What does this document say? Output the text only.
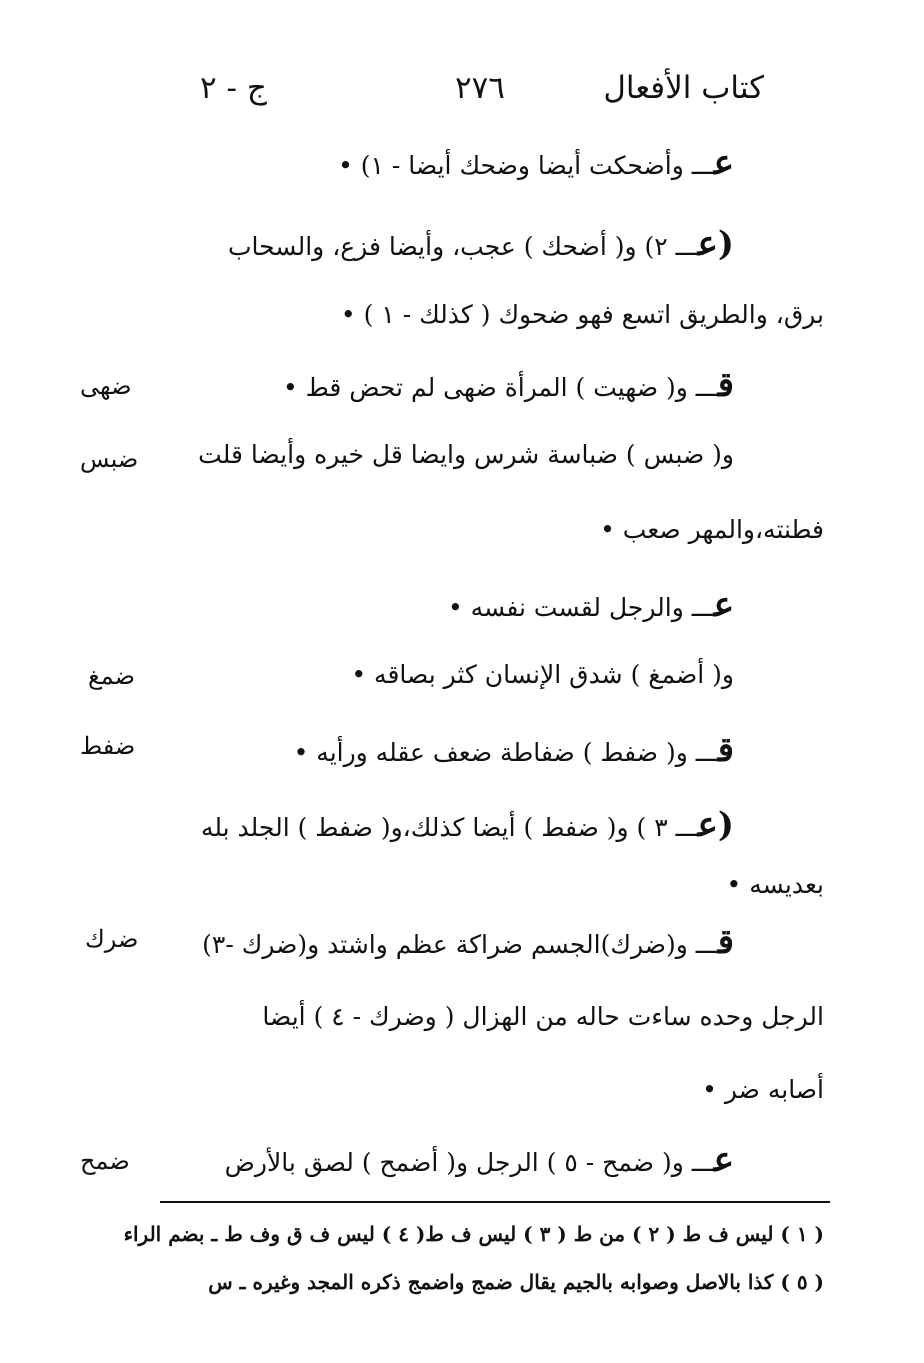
كتاب الأفعال
٢٧٦
ج - ٢
ضهى
ضبس
ضمغ
ضفط
ضرك
ضمح
عـــ وأضحكت أيضا وضحك أيضا - ١) •
(عـــ ٢) و( أضحك ) عجب، وأيضا فزع، والسحاب
برق، والطريق اتسع فهو ضحوك ( كذلك - ١ ) •
قـــ و( ضهيت ) المرأة ضهى لم تحض قط •
و( ضبس ) ضباسة شرس وايضا قل خيره وأيضا قلت
فطنته،والمهر صعب •
عـــ والرجل لقست نفسه •
و( أضمغ ) شدق الإنسان كثر بصاقه •
قـــ و( ضفط ) ضفاطة ضعف عقله ورأيه •
(عـــ ٣ ) و( ضفط ) أيضا كذلك،و( ضفط ) الجلد بله
بعديسه •
قـــ و(ضرك)الجسم ضراكة عظم واشتد و(ضرك -٣)
الرجل وحده ساءت حاله من الهزال ( وضرك - ٤ ) أيضا
أصابه ضر •
عـــ و( ضمح - ٥ ) الرجل و( أضمح ) لصق بالأرض
( ١ ) ليس ف ط ( ٢ ) من ط ( ٣ ) ليس ف ط( ٤ ) ليس ف ق وف ط ـ بضم الراء
( ٥ ) كذا بالاصل وصوابه بالجيم يقال ضمج واضمج ذكره المجد وغيره ـ س
